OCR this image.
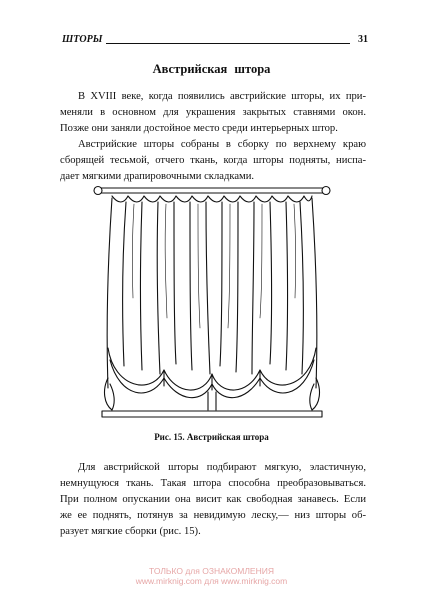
ШТОРЫ	31
Австрийская штора
В XVIII веке, когда появились австрийские шторы, их при-
меняли в основном для украшения закрытых ставнями окон.
Позже они заняли достойное место среди интерьерных штор.
Австрийские шторы собраны в сборку по верхнему краю
сборящей тесьмой, отчего ткань, когда шторы подняты, ниспа-
дает мягкими драпировочными складками.
Рис. 15. Австрийская штора
Для австрийской шторы подбирают мягкую, эластичную,
немнущуюся ткань. Такая штора способна преобразовываться.
При полном опускании она висит как свободная занавесь. Если
же ее поднять, потянув за невидимую леску,— низ шторы об-
разует мягкие сборки (рис. 15).
ТОЛЬКО для ОЗНАКОМЛЕНИЯ
www.mirknig.com для www.mirknig.com
